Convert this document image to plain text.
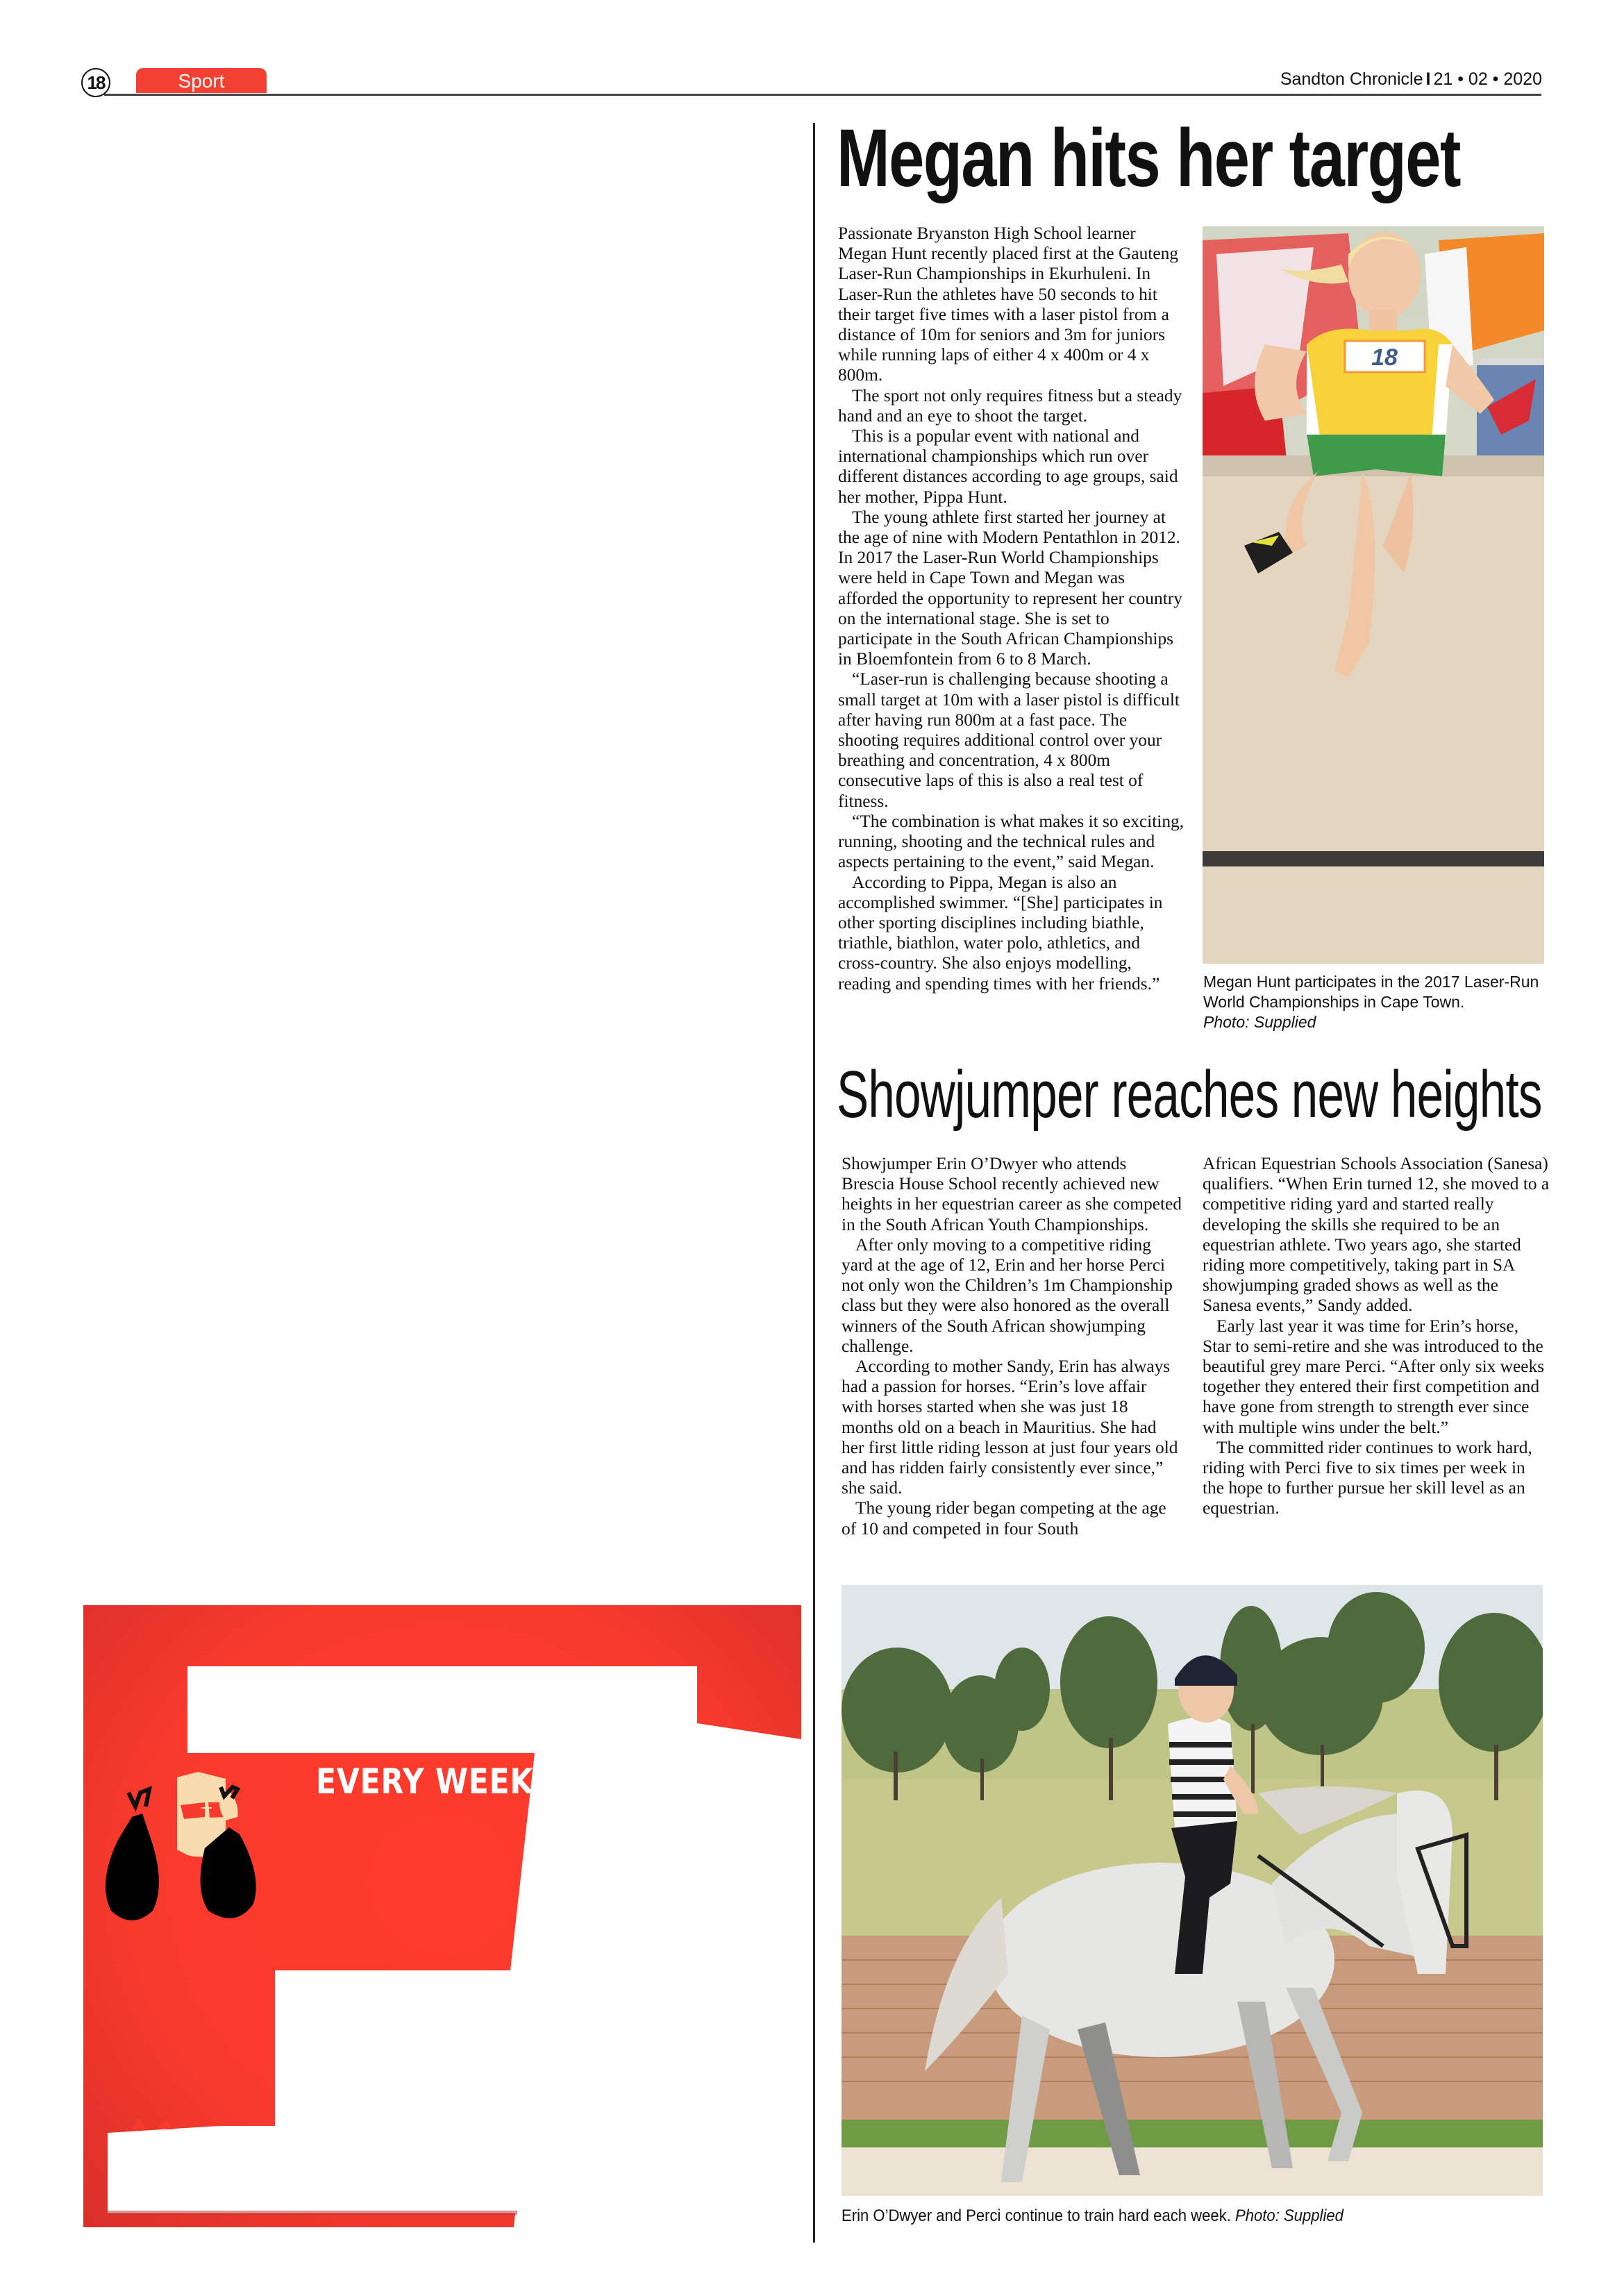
18	Sport	Sandton Chronicle I 21 • 02 • 2020
Megan hits her target

Passionate Bryanston High School learner Megan Hunt recently placed first at the Gauteng Laser-Run Championships in Ekurhuleni. In Laser-Run the athletes have 50 seconds to hit their target five times with a laser pistol from a distance of 10m for seniors and 3m for juniors while running laps of either 4 x 400m or 4 x 800m.

The sport not only requires fitness but a steady hand and an eye to shoot the target.

This is a popular event with national and international championships which run over different distances according to age groups, said her mother, Pippa Hunt.

The young athlete first started her journey at the age of nine with Modern Pentathlon in 2012. In 2017 the Laser-Run World Championships were held in Cape Town and Megan was afforded the opportunity to represent her country on the international stage. She is set to participate in the South African Championships in Bloemfontein from 6 to 8 March.

“Laser-run is challenging because shooting a small target at 10m with a laser pistol is difficult after having run 800m at a fast pace. The shooting requires additional control over your breathing and concentration, 4 x 800m consecutive laps of this is also a real test of fitness.

“The combination is what makes it so exciting, running, shooting and the technical rules and aspects pertaining to the event,” said Megan.

According to Pippa, Megan is also an accomplished swimmer. “[She] participates in other sporting disciplines including biathle, triathle, biathlon, water polo, athletics, and cross-country. She also enjoys modelling, reading and spending times with her friends.”

18
Megan Hunt participates in the 2017 Laser-Run World Championships in Cape Town.
Photo: Supplied
Showjumper reaches new heights

Showjumper Erin O’Dwyer who attends Brescia House School recently achieved new heights in her equestrian career as she competed in the South African Youth Championships.

After only moving to a competitive riding yard at the age of 12, Erin and her horse Perci not only won the Children’s 1m Championship class but they were also honored as the overall winners of the South African showjumping challenge.

According to mother Sandy, Erin has always had a passion for horses. “Erin’s love affair with horses started when she was just 18 months old on a beach in Mauritius. She had her first little riding lesson at just four years old and has ridden fairly consistently ever since,” she said.

The young rider began competing at the age of 10 and competed in four South

African Equestrian Schools Association (Sanesa) qualifiers. “When Erin turned 12, she moved to a competitive riding yard and started really developing the skills she required to be an equestrian athlete. Two years ago, she started riding more competitively, taking part in SA showjumping graded shows as well as the Sanesa events,” Sandy added.

Early last year it was time for Erin’s horse, Star to semi-retire and she was introduced to the beautiful grey mare Perci. “After only six weeks together they entered their first competition and have gone from strength to strength ever since with multiple wins under the belt.”

The committed rider continues to work hard, riding with Perci five to six times per week in the hope to further pursue her skill level as an equestrian.

Erin O’Dwyer and Perci continue to train hard each week. Photo: Supplied
EVERY WEEK
